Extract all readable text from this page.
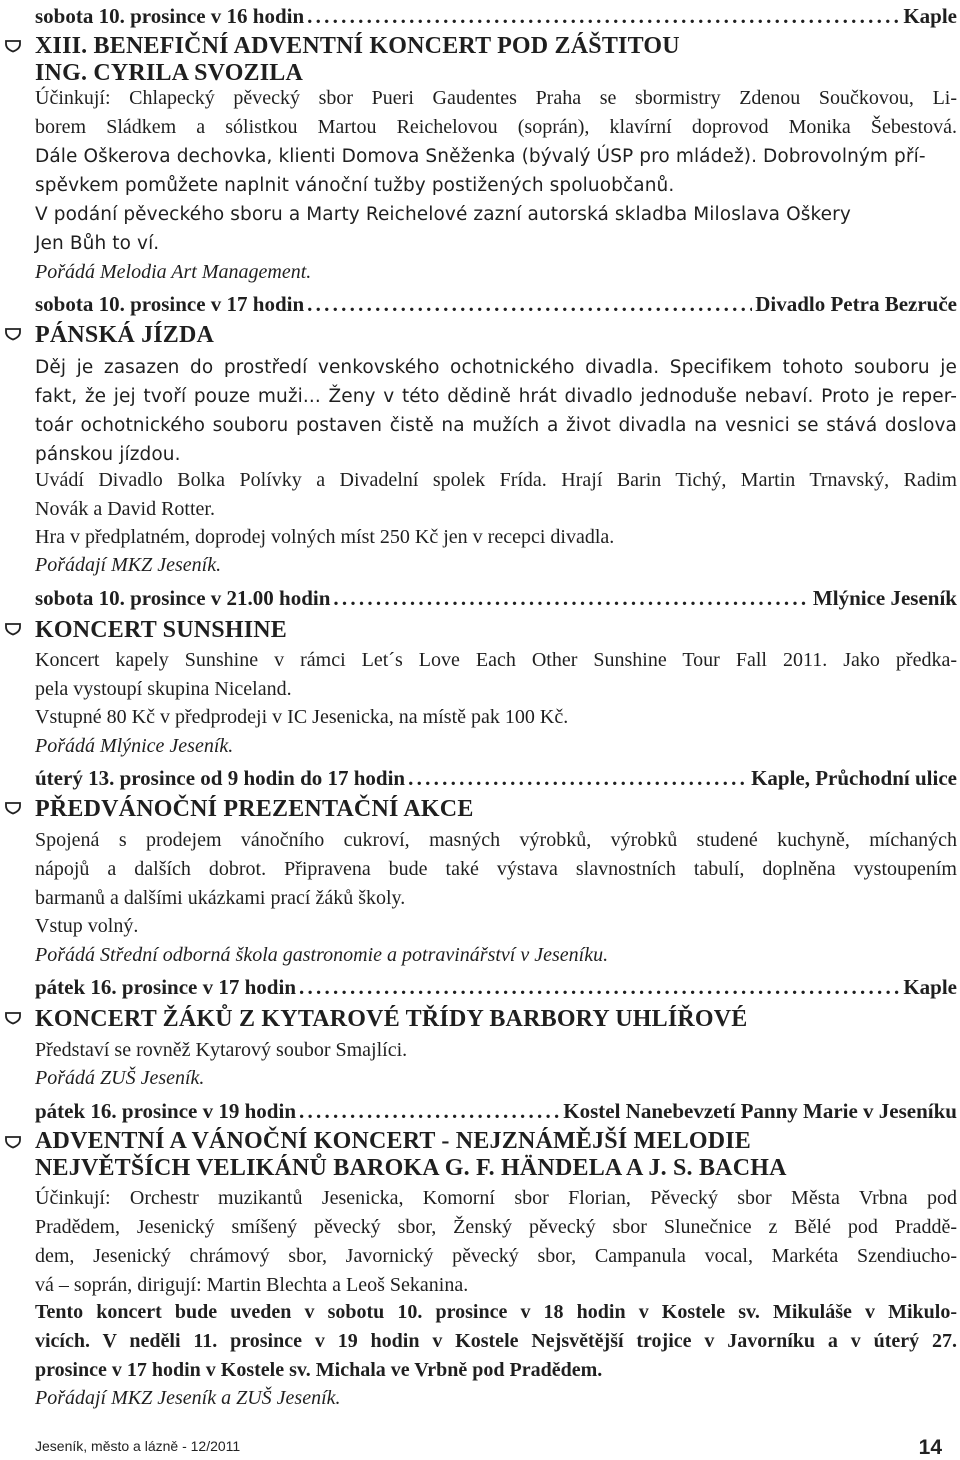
sobota 10. prosince v 16 hodin . . .	Kaple
XIII. BENEFIČNÍ ADVENTNÍ KONCERT POD ZÁŠTITOU
ING. CYRILA SVOZILA
Účinkují: Chlapecký pěvecký sbor Pueri Gaudentes Praha se sbormistry Zdenou Součkovou, Li-
borem Sládkem a sólistkou Martou Reichelovou (soprán), klavírní doprovod Monika Šebestová.
Dále Oškerova dechovka, klienti Domova Sněženka (bývalý ÚSP pro mládež). Dobrovolným pří-
spěvkem pomůžete naplnit vánoční tužby postižených spoluobčanů.
V podání pěveckého sboru a Marty Reichelové zazní autorská skladba Miloslava Oškery
Jen Bůh to ví.
Pořádá Melodia Art Management.
sobota 10. prosince v 17 hodin . . .	Divadlo Petra Bezruče
PÁNSKÁ JÍZDA
Děj je zasazen do prostředí venkovského ochotnického divadla. Specifikem tohoto souboru je
fakt, že jej tvoří pouze muži... Ženy v této dědině hrát divadlo jednoduše nebaví. Proto je reper-
toár ochotnického souboru postaven čistě na mužích a život divadla na vesnici se stává doslova
pánskou jízdou.
Uvádí Divadlo Bolka Polívky a Divadelní spolek Frída. Hrají Barin Tichý, Martin Trnavský, Radim
Novák a David Rotter.
Hra v předplatném, doprodej volných míst 250 Kč jen v recepci divadla.
Pořádají MKZ Jeseník.
sobota 10. prosince v 21.00 hodin . . .	Mlýnice Jeseník
KONCERT SUNSHINE
Koncert kapely Sunshine v rámci Let´s Love Each Other Sunshine Tour Fall 2011. Jako předka-
pela vystoupí skupina Niceland.
Vstupné 80 Kč v předprodeji v IC Jesenicka, na místě pak 100 Kč.
Pořádá Mlýnice Jeseník.
úterý 13. prosince od 9 hodin do 17 hodin . . .	Kaple, Průchodní ulice
PŘEDVÁNOČNÍ PREZENTAČNÍ AKCE
Spojená s prodejem vánočního cukroví, masných výrobků, výrobků studené kuchyně, míchaných
nápojů a dalších dobrot. Připravena bude také výstava slavnostních tabulí, doplněna vystoupením
barmanů a dalšími ukázkami prací žáků školy.
Vstup volný.
Pořádá Střední odborná škola gastronomie a potravinářství v Jeseníku.
pátek 16. prosince v 17 hodin . . .	Kaple
KONCERT ŽÁKŮ Z KYTAROVÉ TŘÍDY BARBORY UHLÍŘOVÉ
Představí se rovněž Kytarový soubor Smajlíci.
Pořádá ZUŠ Jeseník.
pátek 16. prosince v 19 hodin . . .	Kostel Nanebevzetí Panny Marie v Jeseníku
ADVENTNÍ A VÁNOČNÍ KONCERT - NEJZNÁMĚJŠÍ MELODIE
NEJVĚTŠÍCH VELIKÁNŮ BAROKA G. F. HÄNDELA A J. S. BACHA
Účinkují: Orchestr muzikantů Jesenicka, Komorní sbor Florian, Pěvecký sbor Města Vrbna pod
Pradědem, Jesenický smíšený pěvecký sbor, Ženský pěvecký sbor Slunečnice z Bělé pod Praddě-
dem, Jesenický chrámový sbor, Javornický pěvecký sbor, Campanula vocal, Markéta Szendiucho-
vá – soprán, dirigují: Martin Blechta a Leoš Sekanina.
Tento koncert bude uveden v sobotu 10. prosince v 18 hodin v Kostele sv. Mikuláše v Mikulo-
vicích. V neděli 11. prosince v 19 hodin v Kostele Nejsvětější trojice v Javorníku a v úterý 27.
prosince v 17 hodin v Kostele sv. Michala ve Vrbně pod Pradědem.
Pořádají MKZ Jeseník a ZUŠ Jeseník.
Jeseník, město a lázně - 12/2011	14
